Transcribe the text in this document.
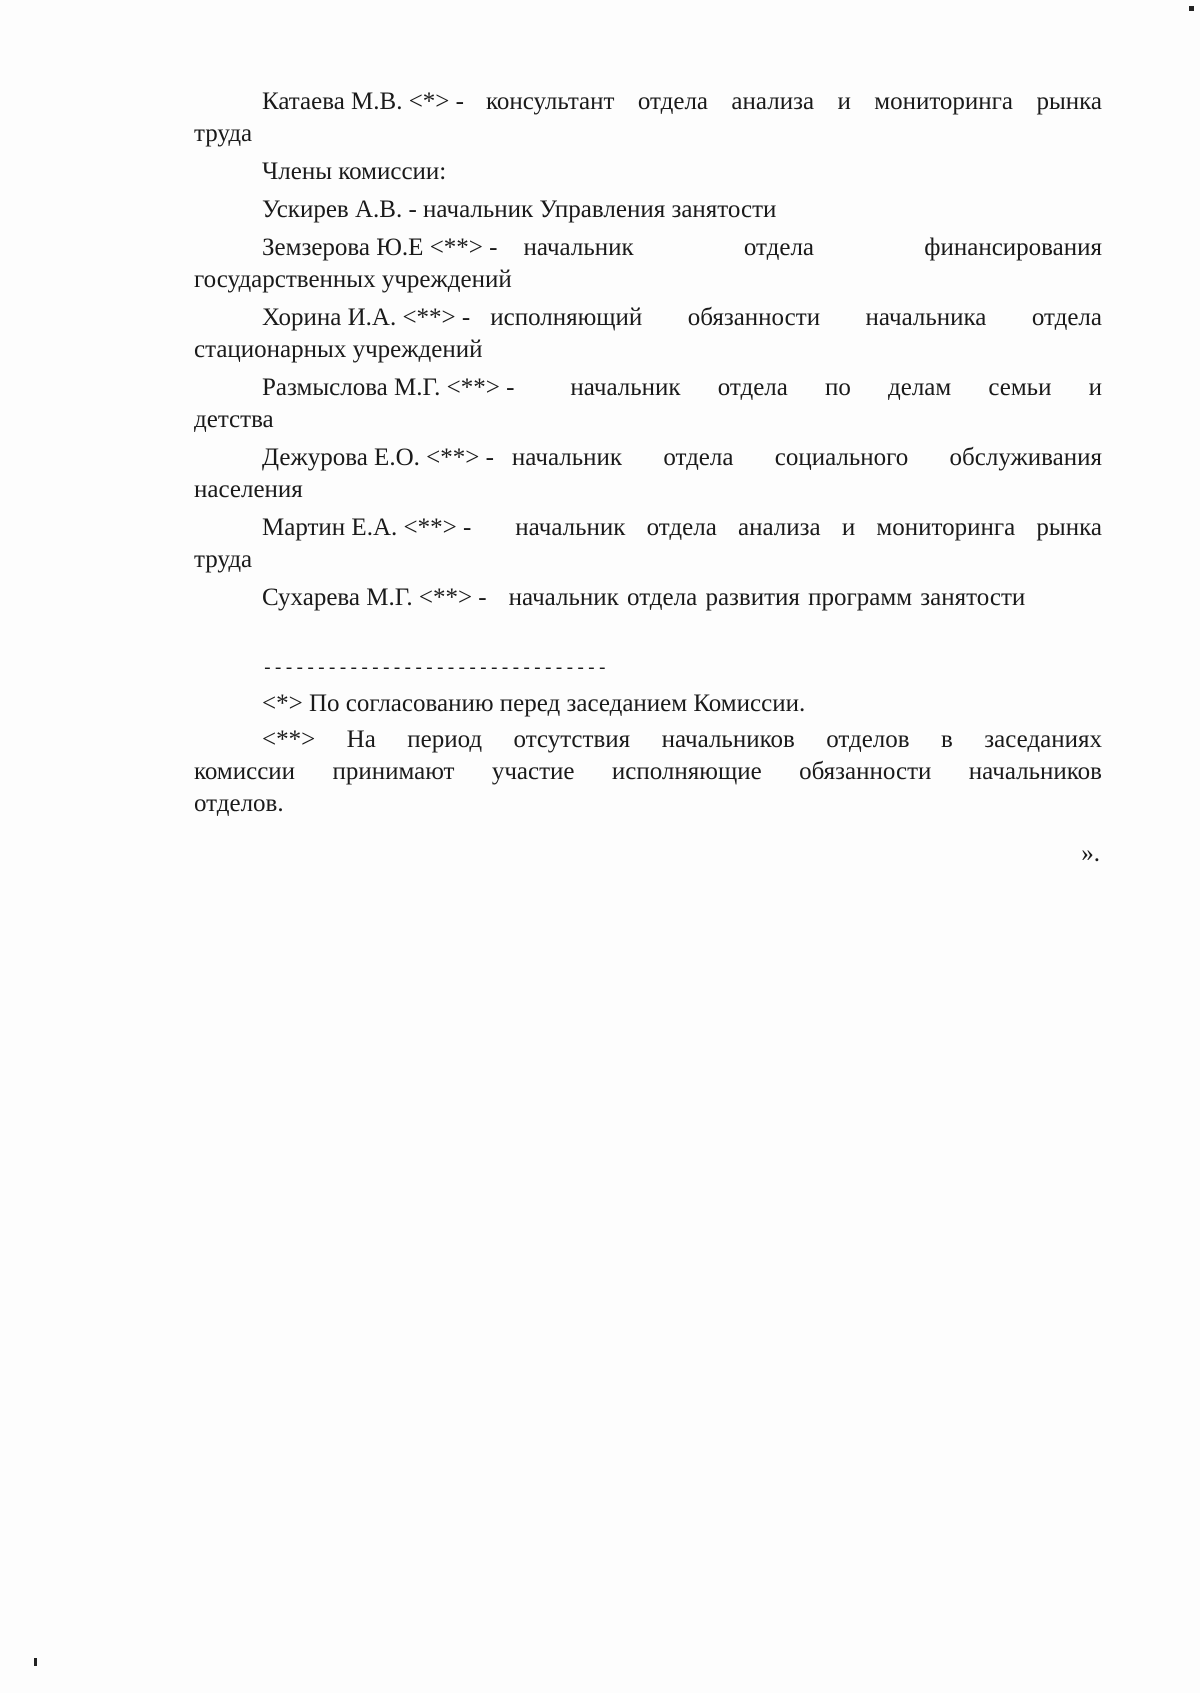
Катаева М.В. <*> - консультант отдела анализа и мониторинга рынка
труда
Члены комиссии:
Ускирев А.В. - начальник Управления занятости
Земзерова Ю.Е <**> - начальник	отдела	финансирования
государственных учреждений
Хорина И.А. <**> - исполняющий обязанности начальника отдела
стационарных учреждений
Размыслова М.Г. <**> - начальник отдела по делам семьи и
детства
Дежурова Е.О. <**> - начальник отдела социального обслуживания
населения
Мартин Е.А. <**> - начальник отдела анализа и мониторинга рынка
труда
Сухарева М.Г. <**> - начальник отдела развития программ занятости
--------------------------------
<*> По согласованию перед заседанием Комиссии.
<**> На период отсутствия начальников отделов в заседаниях
комиссии принимают участие исполняющие обязанности начальников
отделов.
».
